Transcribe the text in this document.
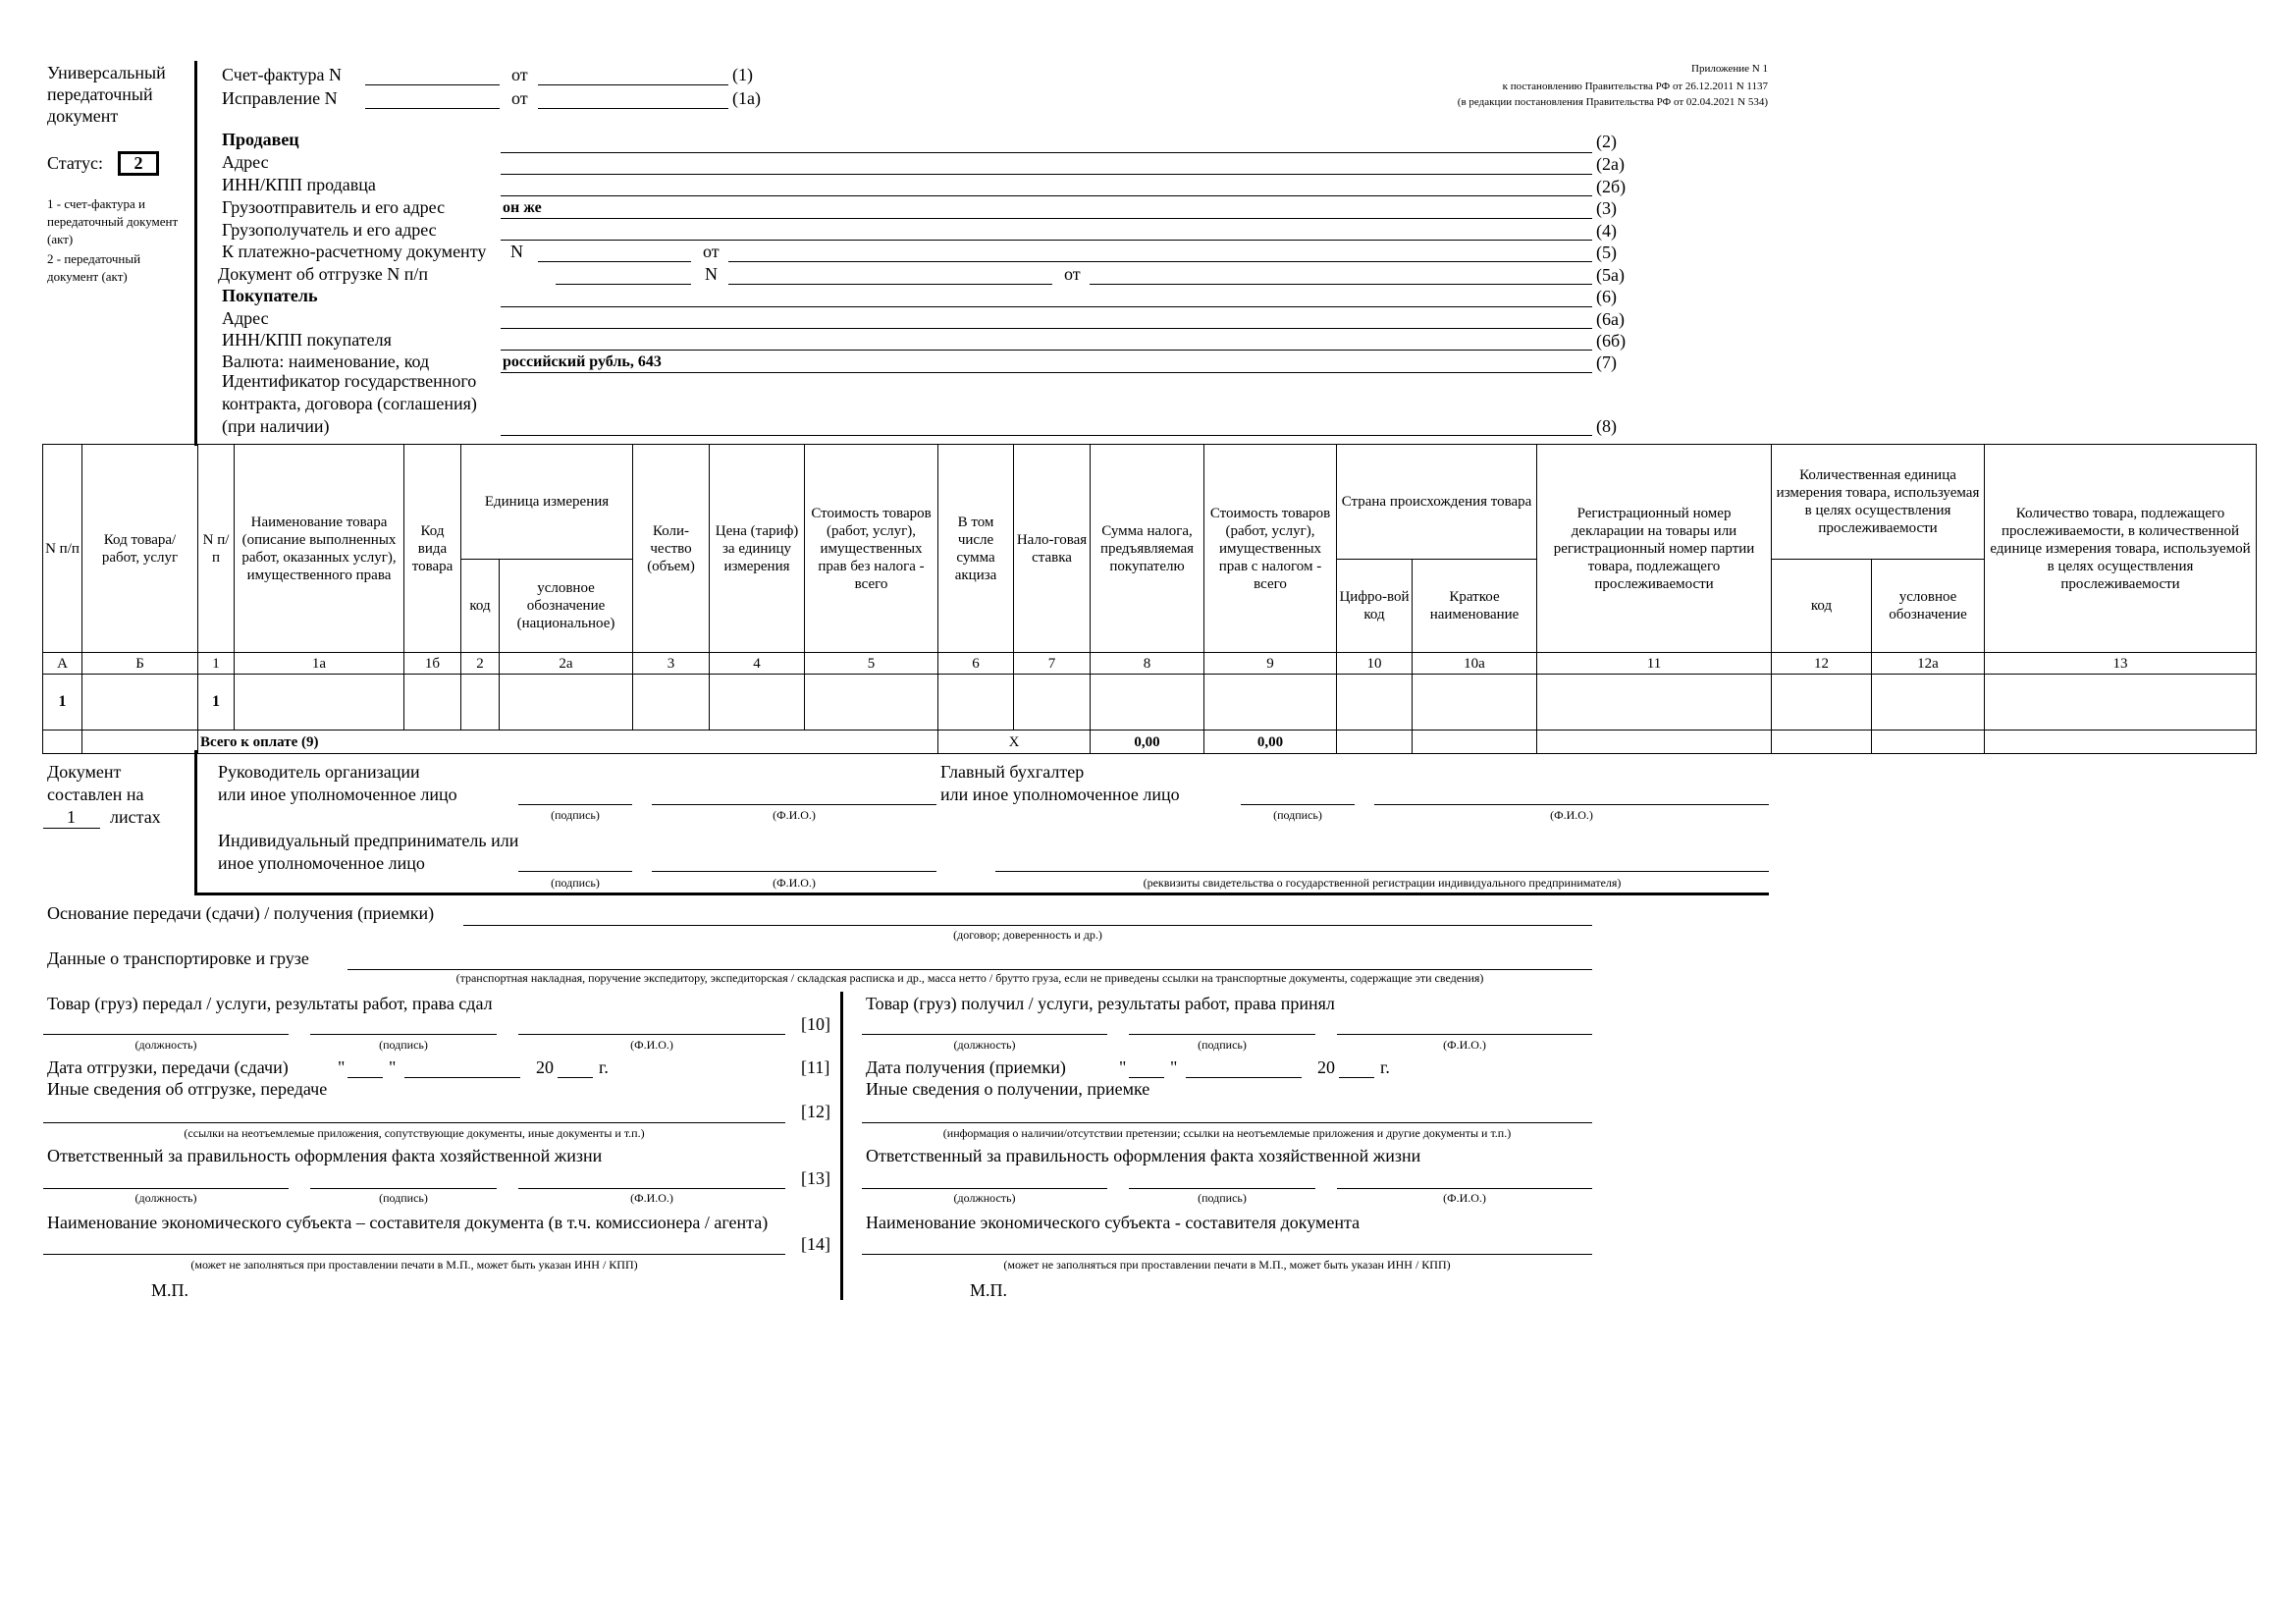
Универсальный
передаточный
документ
Статус:	2
1 - счет-фактура и
передаточный документ
(акт)
2 - передаточный
документ (акт)
Приложение N 1
к постановлению Правительства РФ от 26.12.2011 N 1137
(в редакции постановления Правительства РФ от 02.04.2021 N 534)
Счет-фактура N	от	(1)
Исправление N	от	(1а)
Продавец	(2)
Адрес	(2а)
ИНН/КПП продавца	(2б)
Грузоотправитель и его адрес	он же	(3)
Грузополучатель и его адрес	(4)
К платежно-расчетному документу N	от	(5)
Документ об отгрузке N п/п	N	от	(5а)
Покупатель	(6)
Адрес	(6а)
ИНН/КПП покупателя	(6б)
Валюта: наименование, код	российский рубль, 643	(7)
Идентификатор государственного
контракта, договора (соглашения)
(при наличии)	(8)
N п/п	Код товара/ работ, услуг	N п/п	Наименование товара (описание выполненных работ, оказанных услуг), имущественного права	Код вида товара	Единица измерения		Коли-чество (объем)	Цена (тариф) за единицу измерения	Стоимость товаров (работ, услуг), имущественных прав без налога - всего	В том числе сумма акциза	Нало-говая ставка	Сумма налога, предъявляемая покупателю	Стоимость товаров (работ, услуг), имущественных прав с налогом - всего	Страна происхождения товара		Регистрационный номер декларации на товары или регистрационный номер партии товара, подлежащего прослеживаемости	Количественная единица измерения товара, используемая в целях осуществления прослеживаемости		Количество товара, подлежащего прослеживаемости, в количественной единице измерения товара, используемой в целях осуществления прослеживаемости
					код	условное обозначение (национальное)								Цифро-вой код	Краткое наименование		код	условное обозначение	
А	Б	1	1а	1б	2	2а	3	4	5	6	7	8	9	10	10а	11	12	12а	13
1		1																	
		Всего к оплате (9)								X		0,00	0,00						
Документ
составлен на
1 листах
Руководитель организации
или иное уполномоченное лицо
(подпись)	(Ф.И.О.)
Главный бухгалтер
или иное уполномоченное лицо
(подпись)	(Ф.И.О.)
Индивидуальный предприниматель или
иное уполномоченное лицо
(подпись)	(Ф.И.О.)	(реквизиты свидетельства о государственной регистрации индивидуального предпринимателя)
Основание передачи (сдачи) / получения (приемки)
(договор; доверенность и др.)
Данные о транспортировке и грузе
(транспортная накладная, поручение экспедитору, экспедиторская / складская расписка и др., масса нетто / брутто груза, если не приведены ссылки на транспортные документы, содержащие эти сведения)
Товар (груз) передал / услуги, результаты работ, права сдал
[10]
(должность)	(подпись)	(Ф.И.О.)
Дата отгрузки, передачи (сдачи)	" "	20	г.	[11]
Иные сведения об отгрузке, передаче
[12]
(ссылки на неотъемлемые приложения, сопутствующие документы, иные документы и т.п.)
Ответственный за правильность оформления факта хозяйственной жизни
[13]
(должность)	(подпись)	(Ф.И.О.)
Наименование экономического субъекта – составителя документа (в т.ч. комиссионера / агента)
[14]
(может не заполняться при проставлении печати в М.П., может быть указан ИНН / КПП)
М.П.
Товар (груз) получил / услуги, результаты работ, права принял
(должность)	(подпись)	(Ф.И.О.)
Дата получения (приемки)	" "	20	г.
Иные сведения о получении, приемке
(информация о наличии/отсутствии претензии; ссылки на неотъемлемые приложения и другие документы и т.п.)
Ответственный за правильность оформления факта хозяйственной жизни
(должность)	(подпись)	(Ф.И.О.)
Наименование экономического субъекта - составителя документа
(может не заполняться при проставлении печати в М.П., может быть указан ИНН / КПП)
М.П.
